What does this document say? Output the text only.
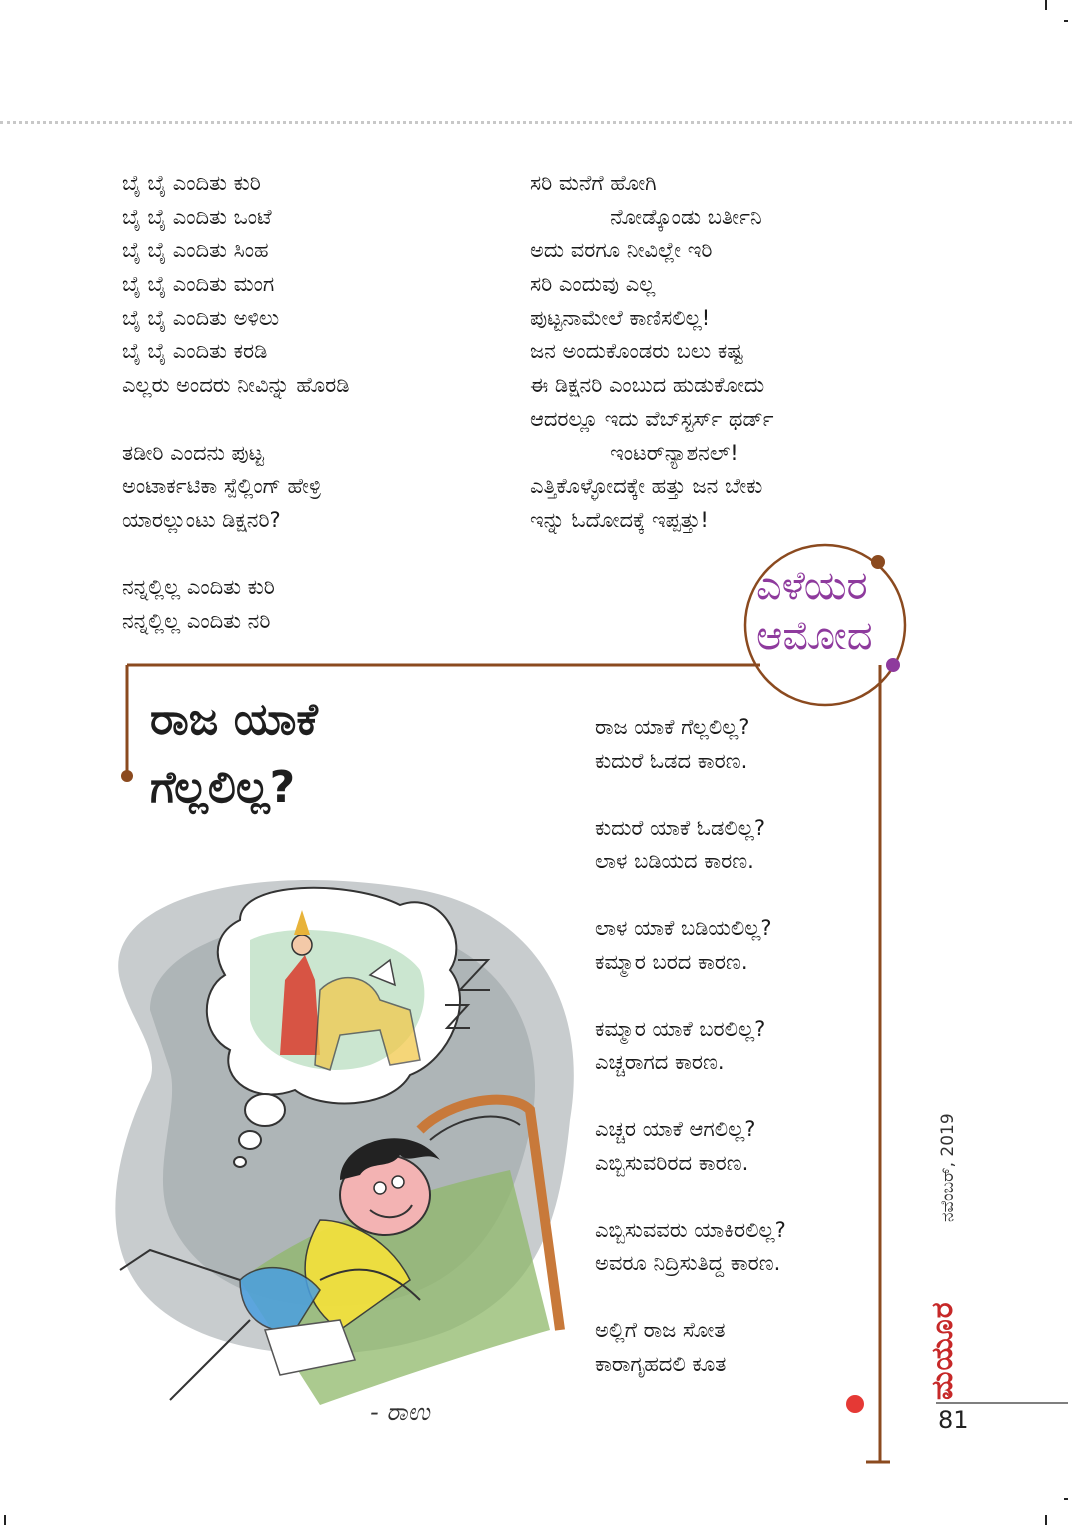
ಬೈ ಬೈ ಎಂದಿತು ಕುರಿ
ಬೈ ಬೈ ಎಂದಿತು ಒಂಟೆ
ಬೈ ಬೈ ಎಂದಿತು ಸಿಂಹ
ಬೈ ಬೈ ಎಂದಿತು ಮಂಗ
ಬೈ ಬೈ ಎಂದಿತು ಅಳಿಲು
ಬೈ ಬೈ ಎಂದಿತು ಕರಡಿ
ಎಲ್ಲರು ಅಂದರು ನೀವಿನ್ನು ಹೊರಡಿ
ತಡೀರಿ ಎಂದನು ಪುಟ್ಟ
ಅಂಟಾರ್ಕಟಿಕಾ ಸ್ಪೆಲ್ಲಿಂಗ್ ಹೇಳ್ರಿ
ಯಾರಲ್ಲುಂಟು ಡಿಕ್ಷನರಿ?
ನನ್ನಲ್ಲಿಲ್ಲ ಎಂದಿತು ಕುರಿ
ನನ್ನಲ್ಲಿಲ್ಲ ಎಂದಿತು ನರಿ
ಸರಿ ಮನೆಗೆ ಹೋಗಿ
ನೋಡ್ಕೊಂಡು ಬರ್ತೀನಿ
ಅದು ವರಗೂ ನೀವಿಲ್ಲೇ ಇರಿ
ಸರಿ ಎಂದುವು ಎಲ್ಲ
ಪುಟ್ಟನಾಮೇಲೆ ಕಾಣಿಸಲಿಲ್ಲ!
ಜನ ಅಂದುಕೊಂಡರು ಬಲು ಕಷ್ಟ
ಈ ಡಿಕ್ಷನರಿ ಎಂಬುದ ಹುಡುಕೋದು
ಆದರಲ್ಲೂ ಇದು ವೆಬ್‌ಸ್ಟರ್ಸ್ ಥರ್ಡ್
ಇಂಟರ್‌ನ್ಯಾಶನಲ್!
ಎತ್ತಿಕೊಳ್ಳೋದಕ್ಕೇ ಹತ್ತು ಜನ ಬೇಕು
ಇನ್ನು ಓದೋದಕ್ಕೆ ಇಪ್ಪತ್ತು!
ಎಳೆಯರ
ಆಮೋದ
ರಾಜ ಯಾಕೆ
ಗೆಲ್ಲಲಿಲ್ಲ?
ರಾಜ ಯಾಕೆ ಗೆಲ್ಲಲಿಲ್ಲ?
ಕುದುರೆ ಓಡದ ಕಾರಣ.
ಕುದುರೆ ಯಾಕೆ ಓಡಲಿಲ್ಲ?
ಲಾಳ ಬಡಿಯದ ಕಾರಣ.
ಲಾಳ ಯಾಕೆ ಬಡಿಯಲಿಲ್ಲ?
ಕಮ್ಮಾರ ಬರದ ಕಾರಣ.
ಕಮ್ಮಾರ ಯಾಕೆ ಬರಲಿಲ್ಲ?
ಎಚ್ಚರಾಗದ ಕಾರಣ.
ಎಚ್ಚರ ಯಾಕೆ ಆಗಲಿಲ್ಲ?
ಎಬ್ಬಿಸುವರಿರದ ಕಾರಣ.
ಎಬ್ಬಿಸುವವರು ಯಾಕಿರಲಿಲ್ಲ?
ಅವರೂ ನಿದ್ರಿಸುತಿದ್ದ ಕಾರಣ.
ಅಲ್ಲಿಗೆ ರಾಜ ಸೋತ
ಕಾರಾಗೃಹದಲಿ ಕೂತ
- ರಾಉ
ಮಯೂರ
ನವೆಂಬರ್, 2019
81
